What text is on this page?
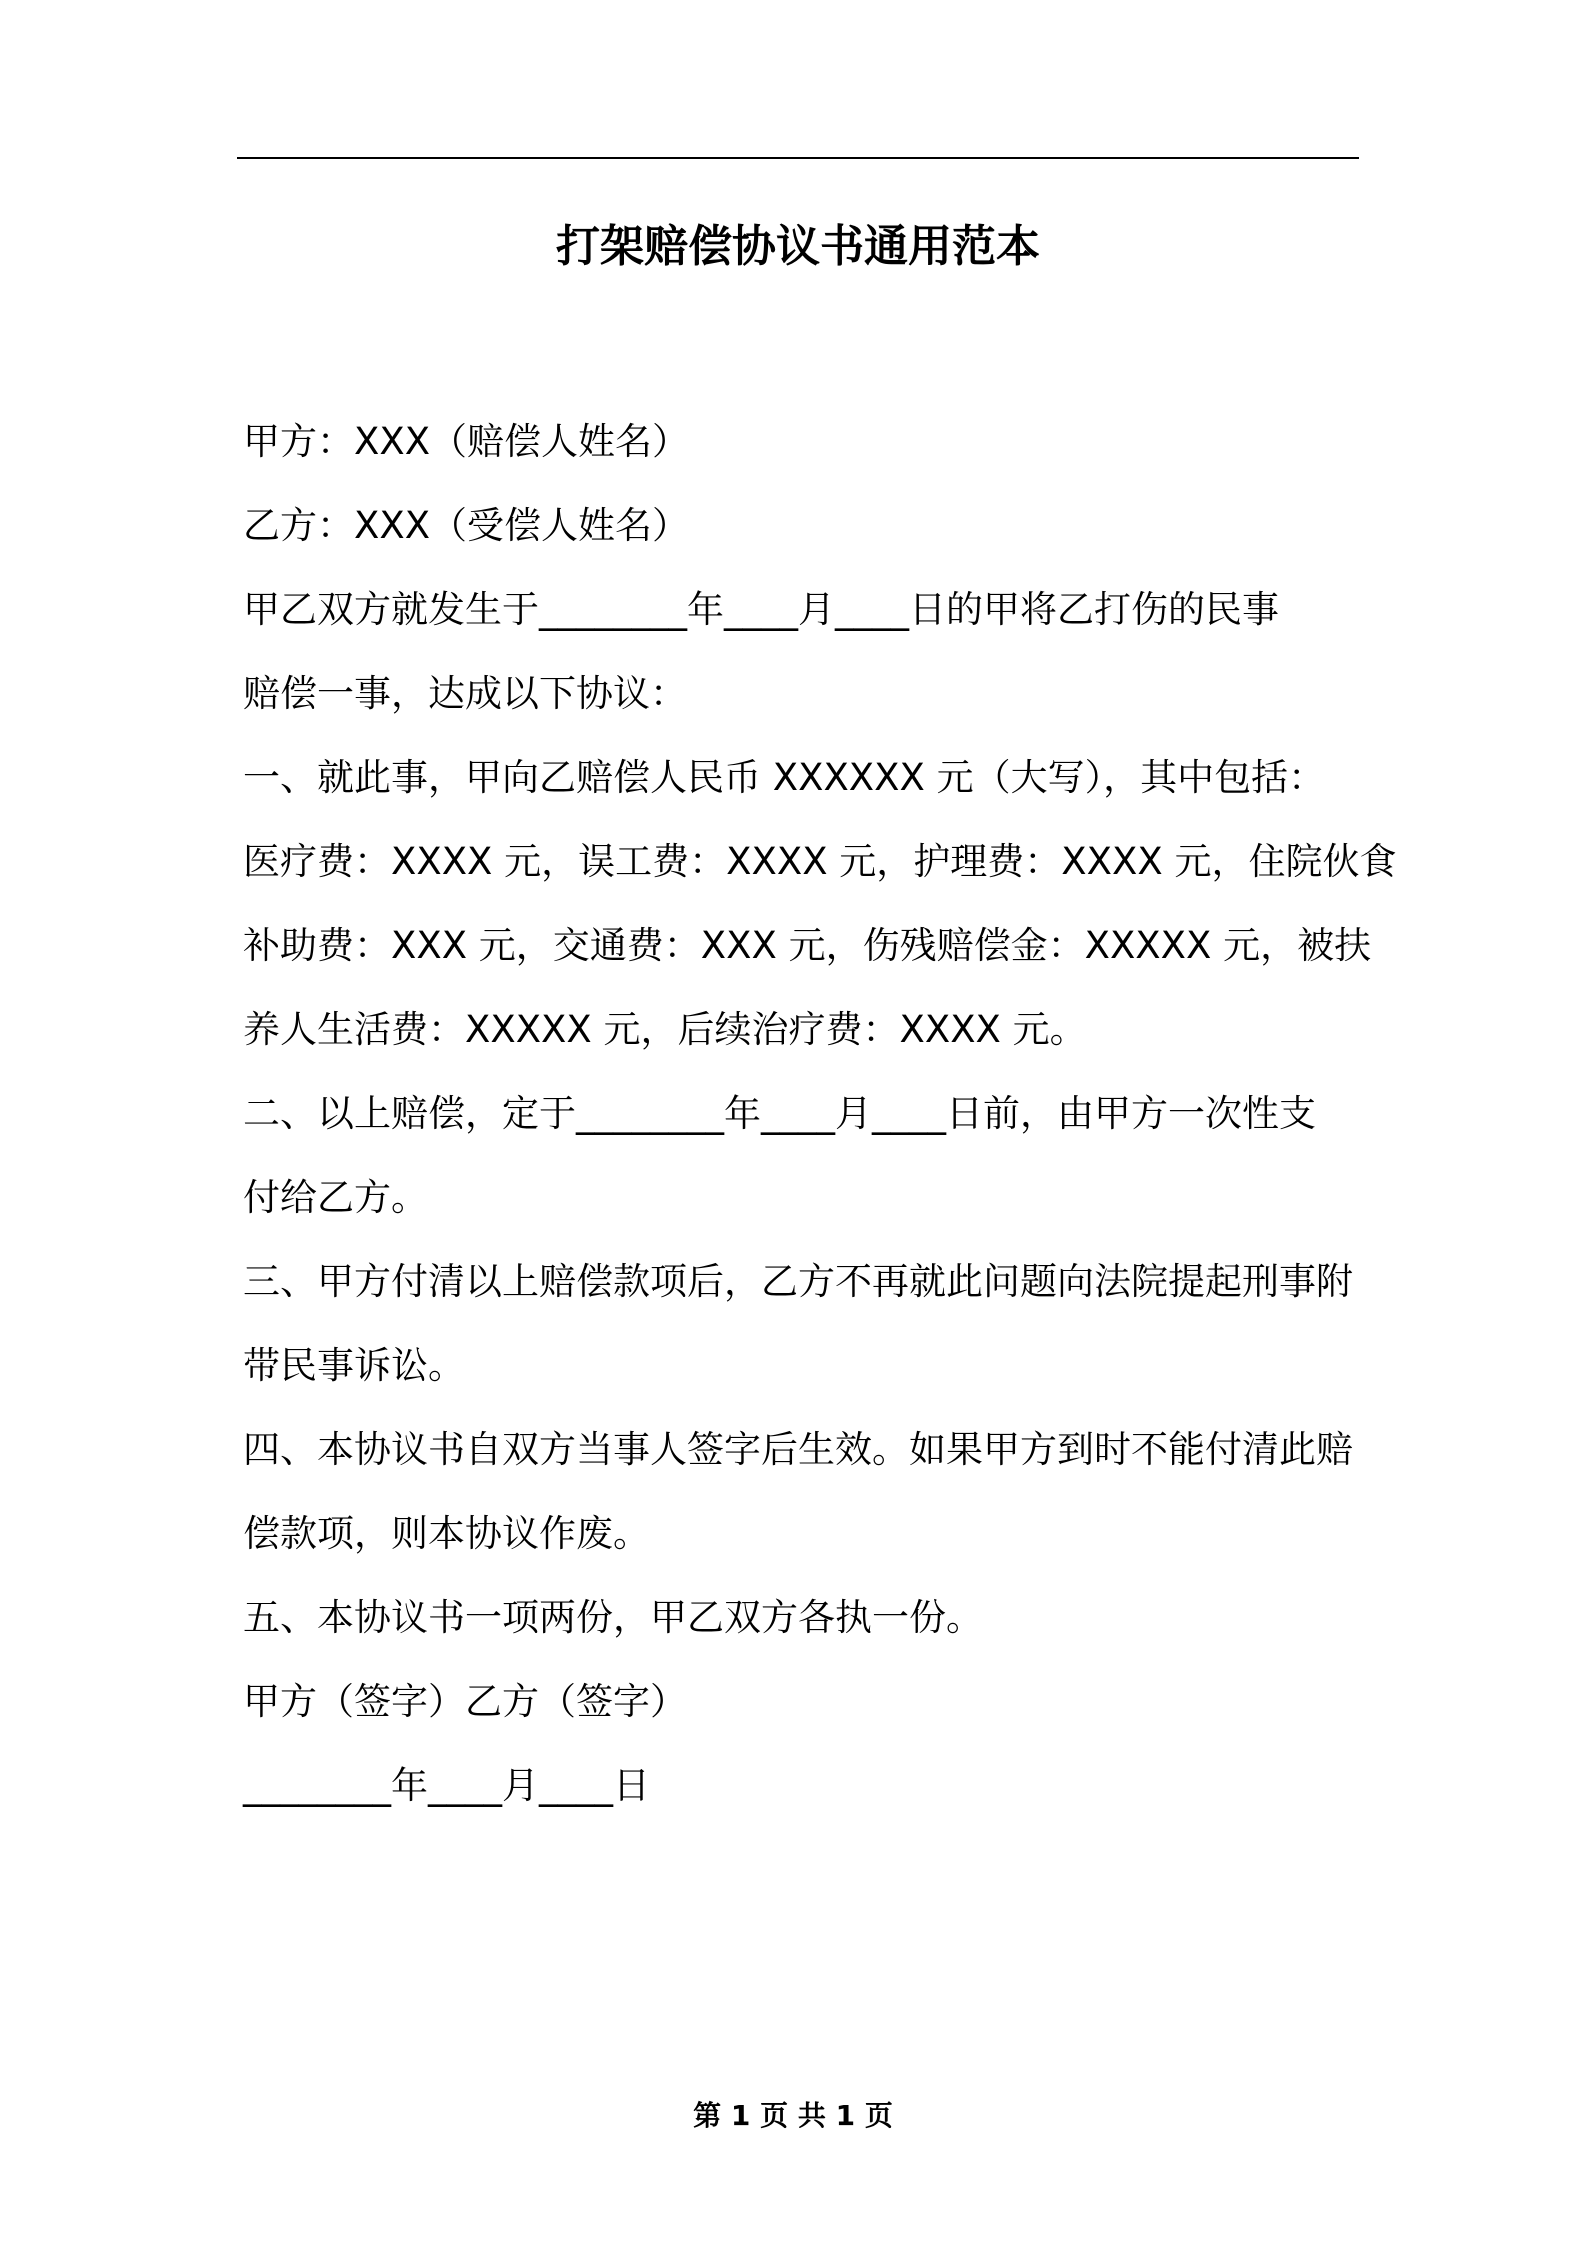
打架赔偿协议书通用范本
甲方：XXX（赔偿人姓名）
乙方：XXX（受偿人姓名）
甲乙双方就发生于________年____月____日的甲将乙打伤的民事
赔偿一事，达成以下协议：
一、就此事，甲向乙赔偿人民币 XXXXXX 元（大写），其中包括：
医疗费：XXXX 元，误工费：XXXX 元，护理费：XXXX 元，住院伙食
补助费：XXX 元，交通费：XXX 元，伤残赔偿金：XXXXX 元，被扶
养人生活费：XXXXX 元，后续治疗费：XXXX 元。
二、以上赔偿，定于________年____月____日前，由甲方一次性支
付给乙方。
三、甲方付清以上赔偿款项后，乙方不再就此问题向法院提起刑事附
带民事诉讼。
四、本协议书自双方当事人签字后生效。如果甲方到时不能付清此赔
偿款项，则本协议作废。
五、本协议书一项两份，甲乙双方各执一份。
甲方（签字）乙方（签字）
________年____月____日
第 1 页 共 1 页
